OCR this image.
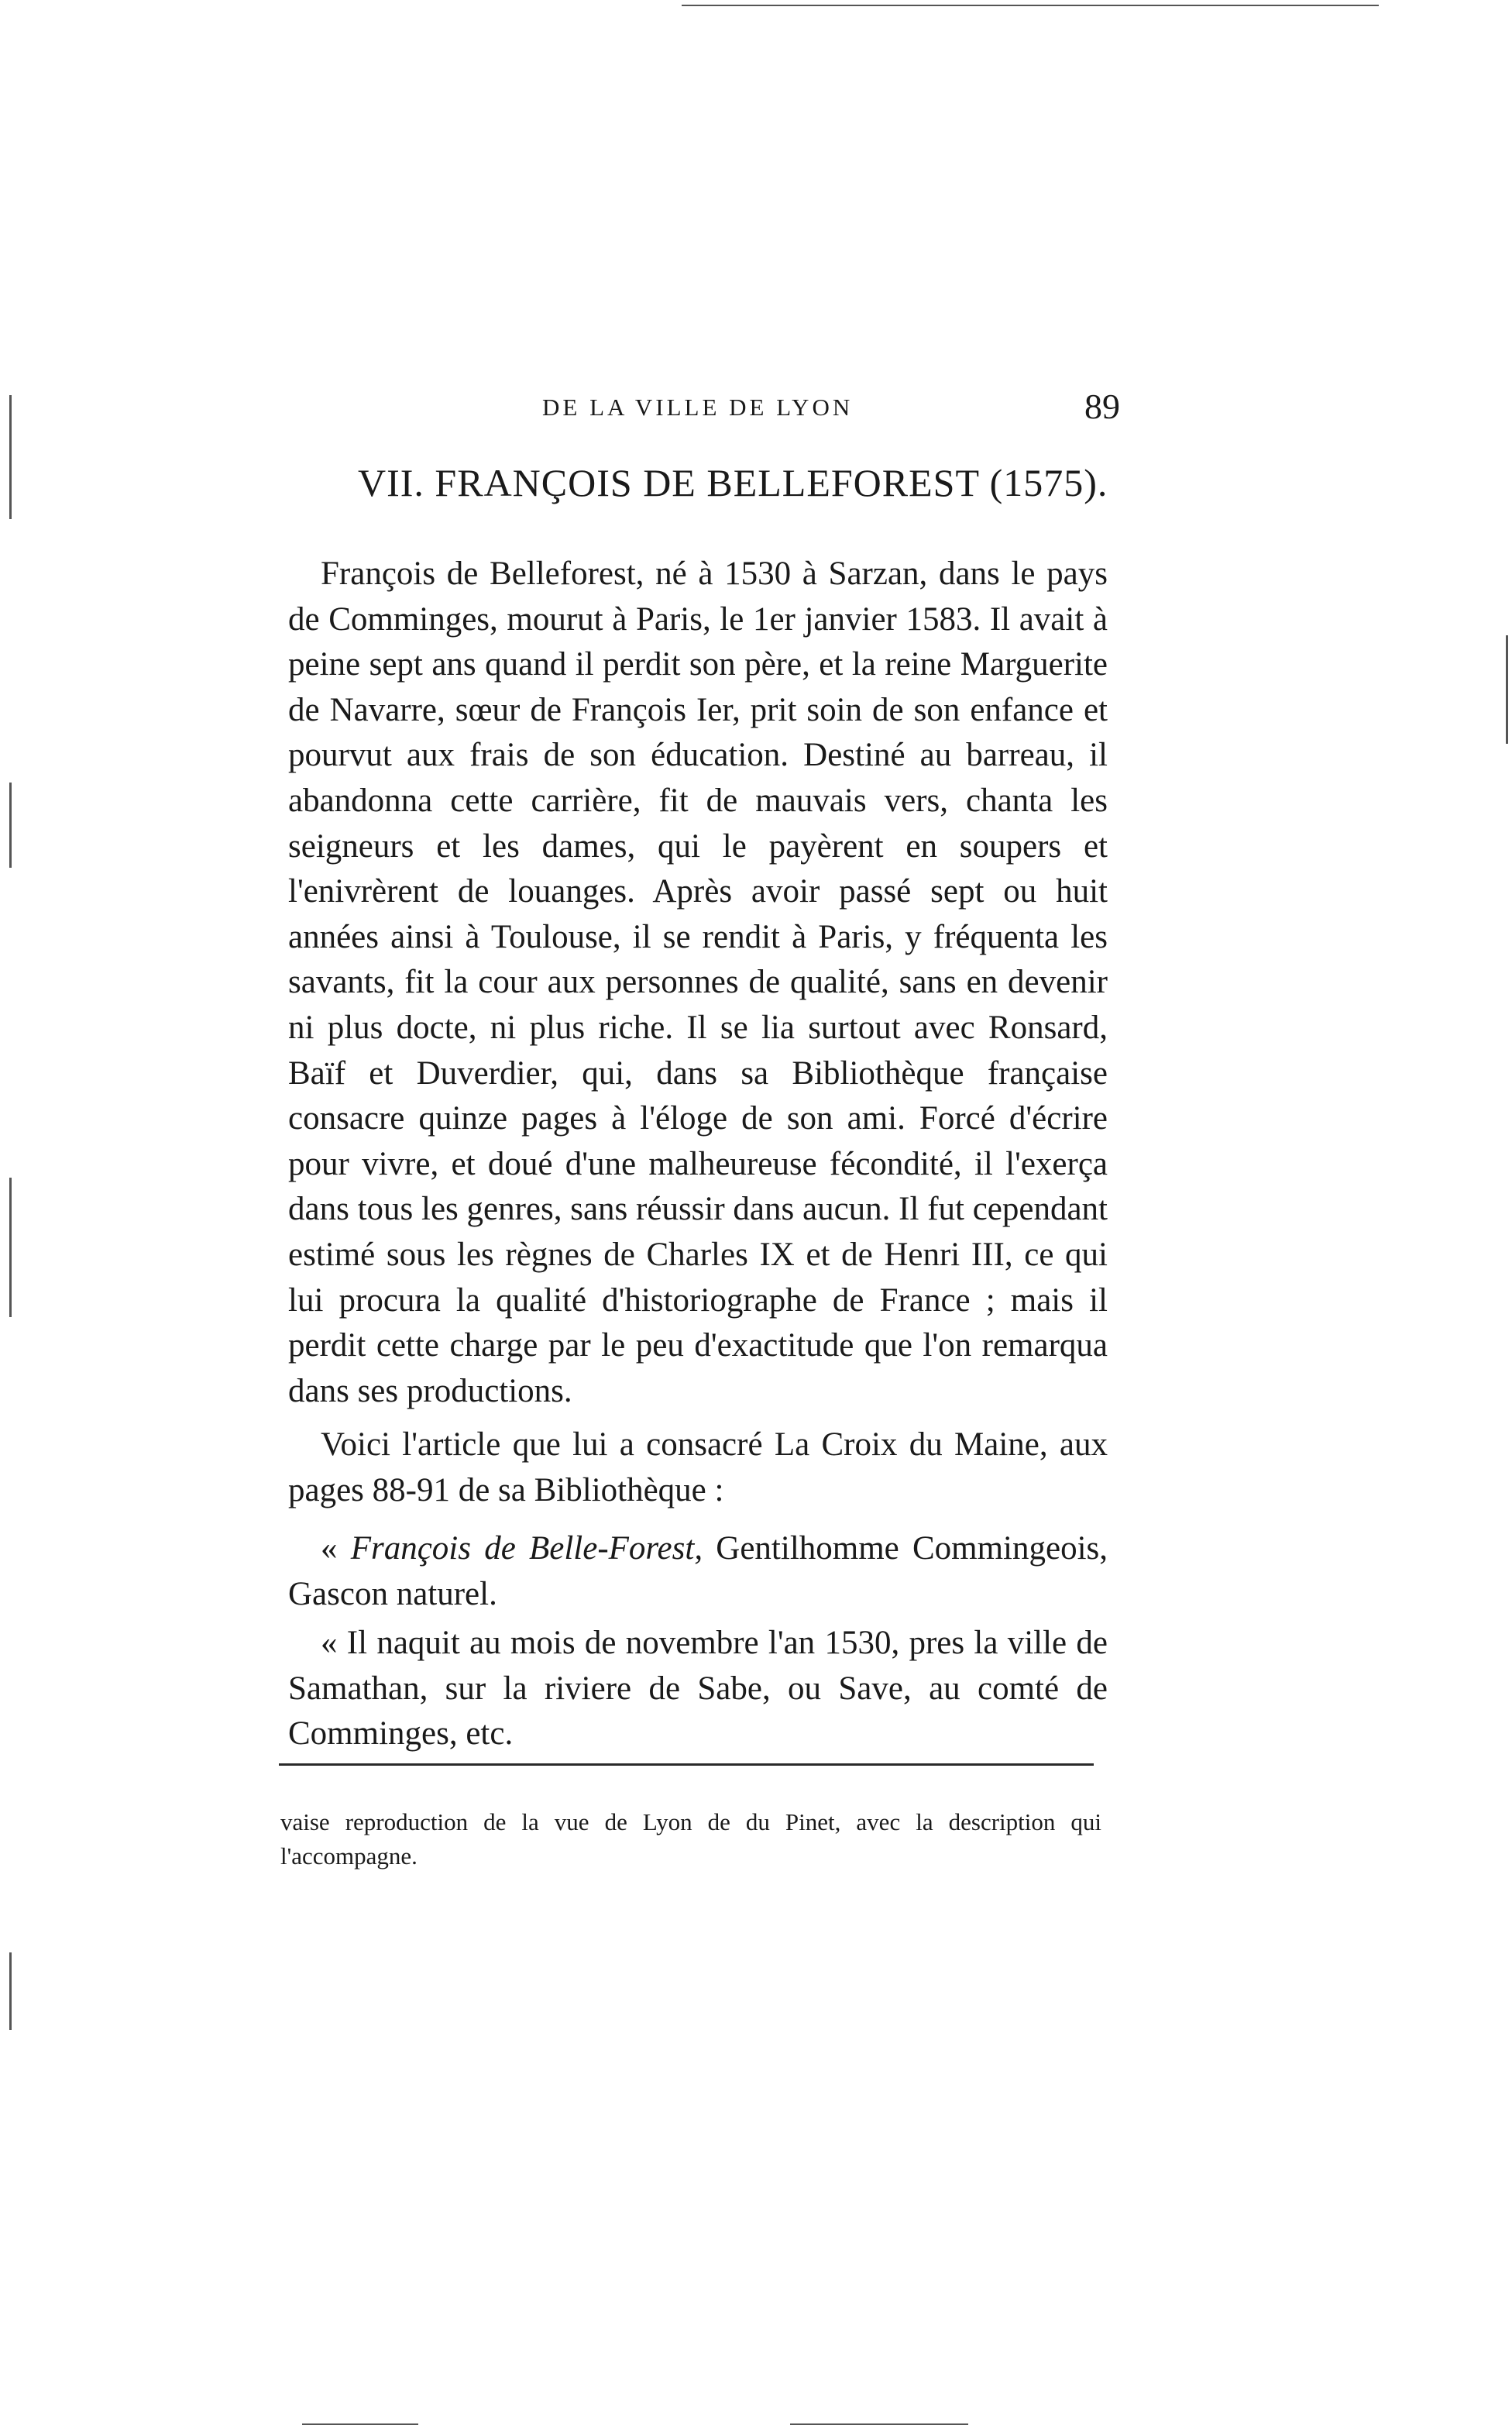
DE LA VILLE DE LYON	89
VII. FRANÇOIS DE BELLEFOREST (1575).

François de Belleforest, né à 1530 à Sarzan, dans le pays de Comminges, mourut à Paris, le 1er janvier 1583. Il avait à peine sept ans quand il perdit son père, et la reine Marguerite de Navarre, sœur de François Ier, prit soin de son enfance et pourvut aux frais de son éducation. Destiné au barreau, il abandonna cette carrière, fit de mauvais vers, chanta les seigneurs et les dames, qui le payèrent en soupers et l'enivrèrent de louanges. Après avoir passé sept ou huit années ainsi à Toulouse, il se rendit à Paris, y fréquenta les savants, fit la cour aux personnes de qualité, sans en devenir ni plus docte, ni plus riche. Il se lia surtout avec Ronsard, Baïf et Duverdier, qui, dans sa Bibliothèque française consacre quinze pages à l'éloge de son ami. Forcé d'écrire pour vivre, et doué d'une malheureuse fécondité, il l'exerça dans tous les genres, sans réussir dans aucun. Il fut cependant estimé sous les règnes de Charles IX et de Henri III, ce qui lui procura la qualité d'historiographe de France ; mais il perdit cette charge par le peu d'exactitude que l'on remarqua dans ses productions.

Voici l'article que lui a consacré La Croix du Maine, aux pages 88-91 de sa Bibliothèque :

« François de Belle-Forest, Gentilhomme Commingeois, Gascon naturel.

« Il naquit au mois de novembre l'an 1530, pres la ville de Samathan, sur la riviere de Sabe, ou Save, au comté de Comminges, etc.

vaise reproduction de la vue de Lyon de du Pinet, avec la description qui l'accompagne.
